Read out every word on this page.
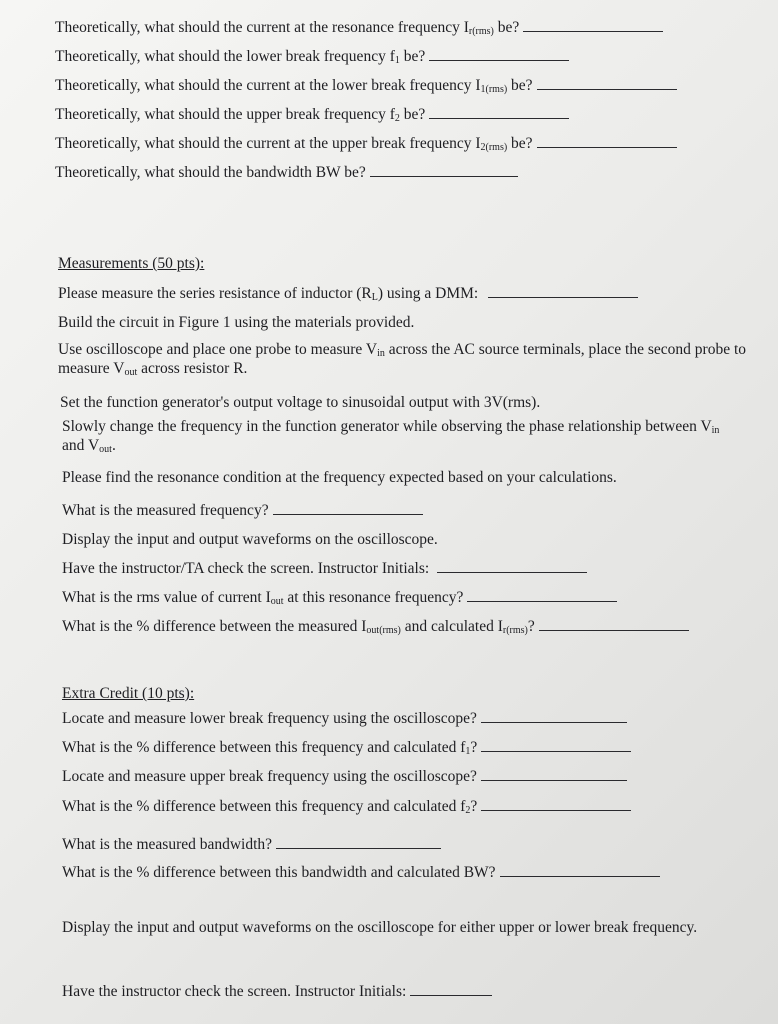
Theoretically, what should the current at the resonance frequency $I_{r(rms)}$ be?
Theoretically, what should the lower break frequency $f_1$ be?
Theoretically, what should the current at the lower break frequency $I_{1(rms)}$ be?
Theoretically, what should the upper break frequency $f_2$ be?
Theoretically, what should the current at the upper break frequency $I_{2(rms)}$ be?
Theoretically, what should the bandwidth BW be?
Measurements (50 pts):
Please measure the series resistance of inductor $(R_L)$ using a DMM:
Build the circuit in Figure 1 using the materials provided.
Use oscilloscope and place one probe to measure $V_{in}$ across the AC source terminals, place the second probe to measure $V_{out}$ across resistor R.
Set the function generator's output voltage to sinusoidal output with 3V(rms).
Slowly change the frequency in the function generator while observing the phase relationship between $V_{in}$ and $V_{out}$.
Please find the resonance condition at the frequency expected based on your calculations.
What is the measured frequency?
Display the input and output waveforms on the oscilloscope.
Have the instructor/TA check the screen. Instructor Initials:
What is the rms value of current $I_{out}$ at this resonance frequency?
What is the % difference between the measured $I_{out(rms)}$ and calculated $I_{r(rms)}$?
Extra Credit (10 pts):
Locate and measure lower break frequency using the oscilloscope?
What is the % difference between this frequency and calculated $f_1$?
Locate and measure upper break frequency using the oscilloscope?
What is the % difference between this frequency and calculated $f_2$?
What is the measured bandwidth?
What is the % difference between this bandwidth and calculated BW?
Display the input and output waveforms on the oscilloscope for either upper or lower break frequency.
Have the instructor check the screen. Instructor Initials:
